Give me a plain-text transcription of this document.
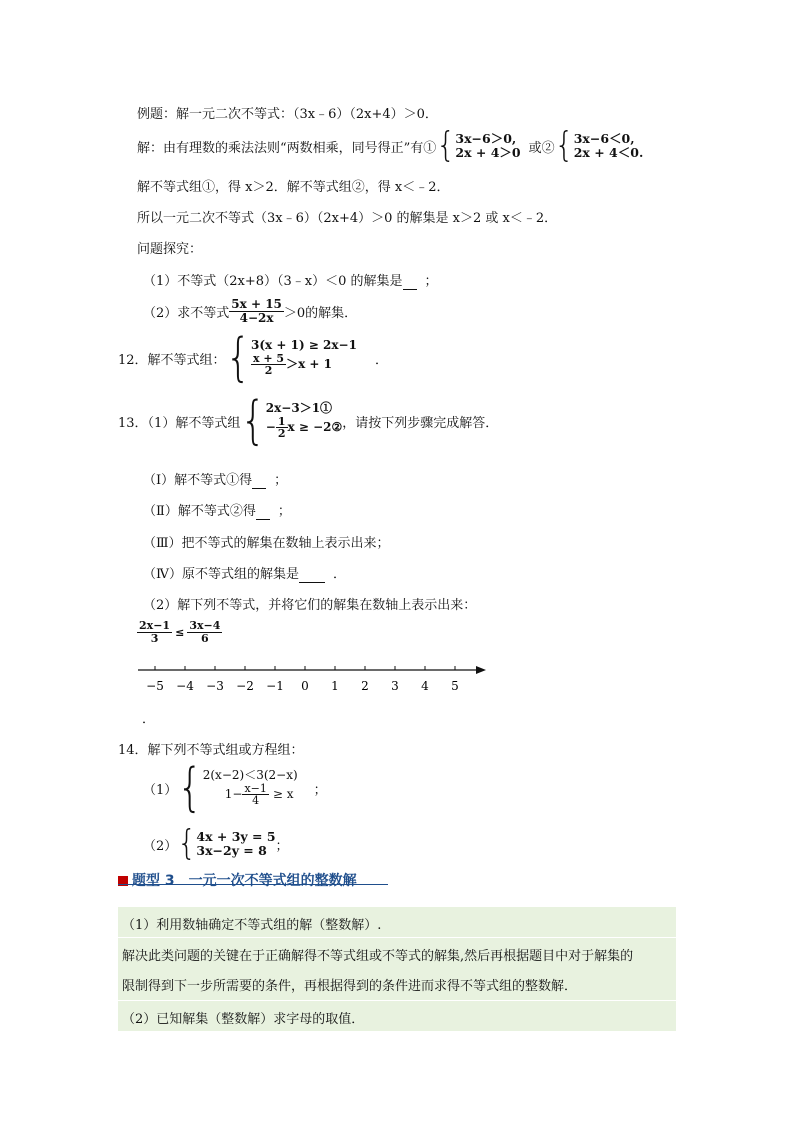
例题：解一元二次不等式：（3x﹣6）（2x+4）＞0．
解：由有理数的乘法法则“两数相乘，同号得正”有① { 3x−6＞0,
2x + 4＞0 或② { 3x−6＜0,
2x + 4＜0.
解不等式组①，得 x＞2．解不等式组②，得 x＜﹣2．
所以一元二次不等式（3x﹣6）（2x+4）＞0 的解集是 x＞2 或 x＜﹣2．
问题探究：
（1）不等式（2x+8）（3﹣x）＜0 的解集是 ；
（2）求不等式 $\frac{5x + 15}{4-2x} >0$的解集．
12．解不等式组： { 3(x + 1) ≥ 2x−1
$\frac{x + 5}{2} >x + 1$	．
13．（1）解不等式组 { 2x−3＞1①
− $\frac{1}{2}$ x ≥ −2② ，请按下列步骤完成解答．
（Ⅰ）解不等式①得 ；
（Ⅱ）解不等式②得 ；
（Ⅲ）把不等式的解集在数轴上表示出来；
（Ⅳ）原不等式组的解集是	．
（2）解下列不等式，并将它们的解集在数轴上表示出来：
$\frac{2x-1}{3} \le \frac{3x-4}{6}$
−5 −4 −3 −2 −1 0 1 2 3 4 5
．
14．解下列不等式组或方程组：
（1） { 2(x−2)＜3(2−x)
$1- \frac{x-1}{4} \ge x$ ；
（2） { 4x + 3y = 5
3x−2y = 8 ；
题型 3　一元一次不等式组的整数解
（1）利用数轴确定不等式组的解（整数解）.
解决此类问题的关键在于正确解得不等式组或不等式的解集,然后再根据题目中对于解集的
限制得到下一步所需要的条件，再根据得到的条件进而求得不等式组的整数解．
（2）已知解集（整数解）求字母的取值．
